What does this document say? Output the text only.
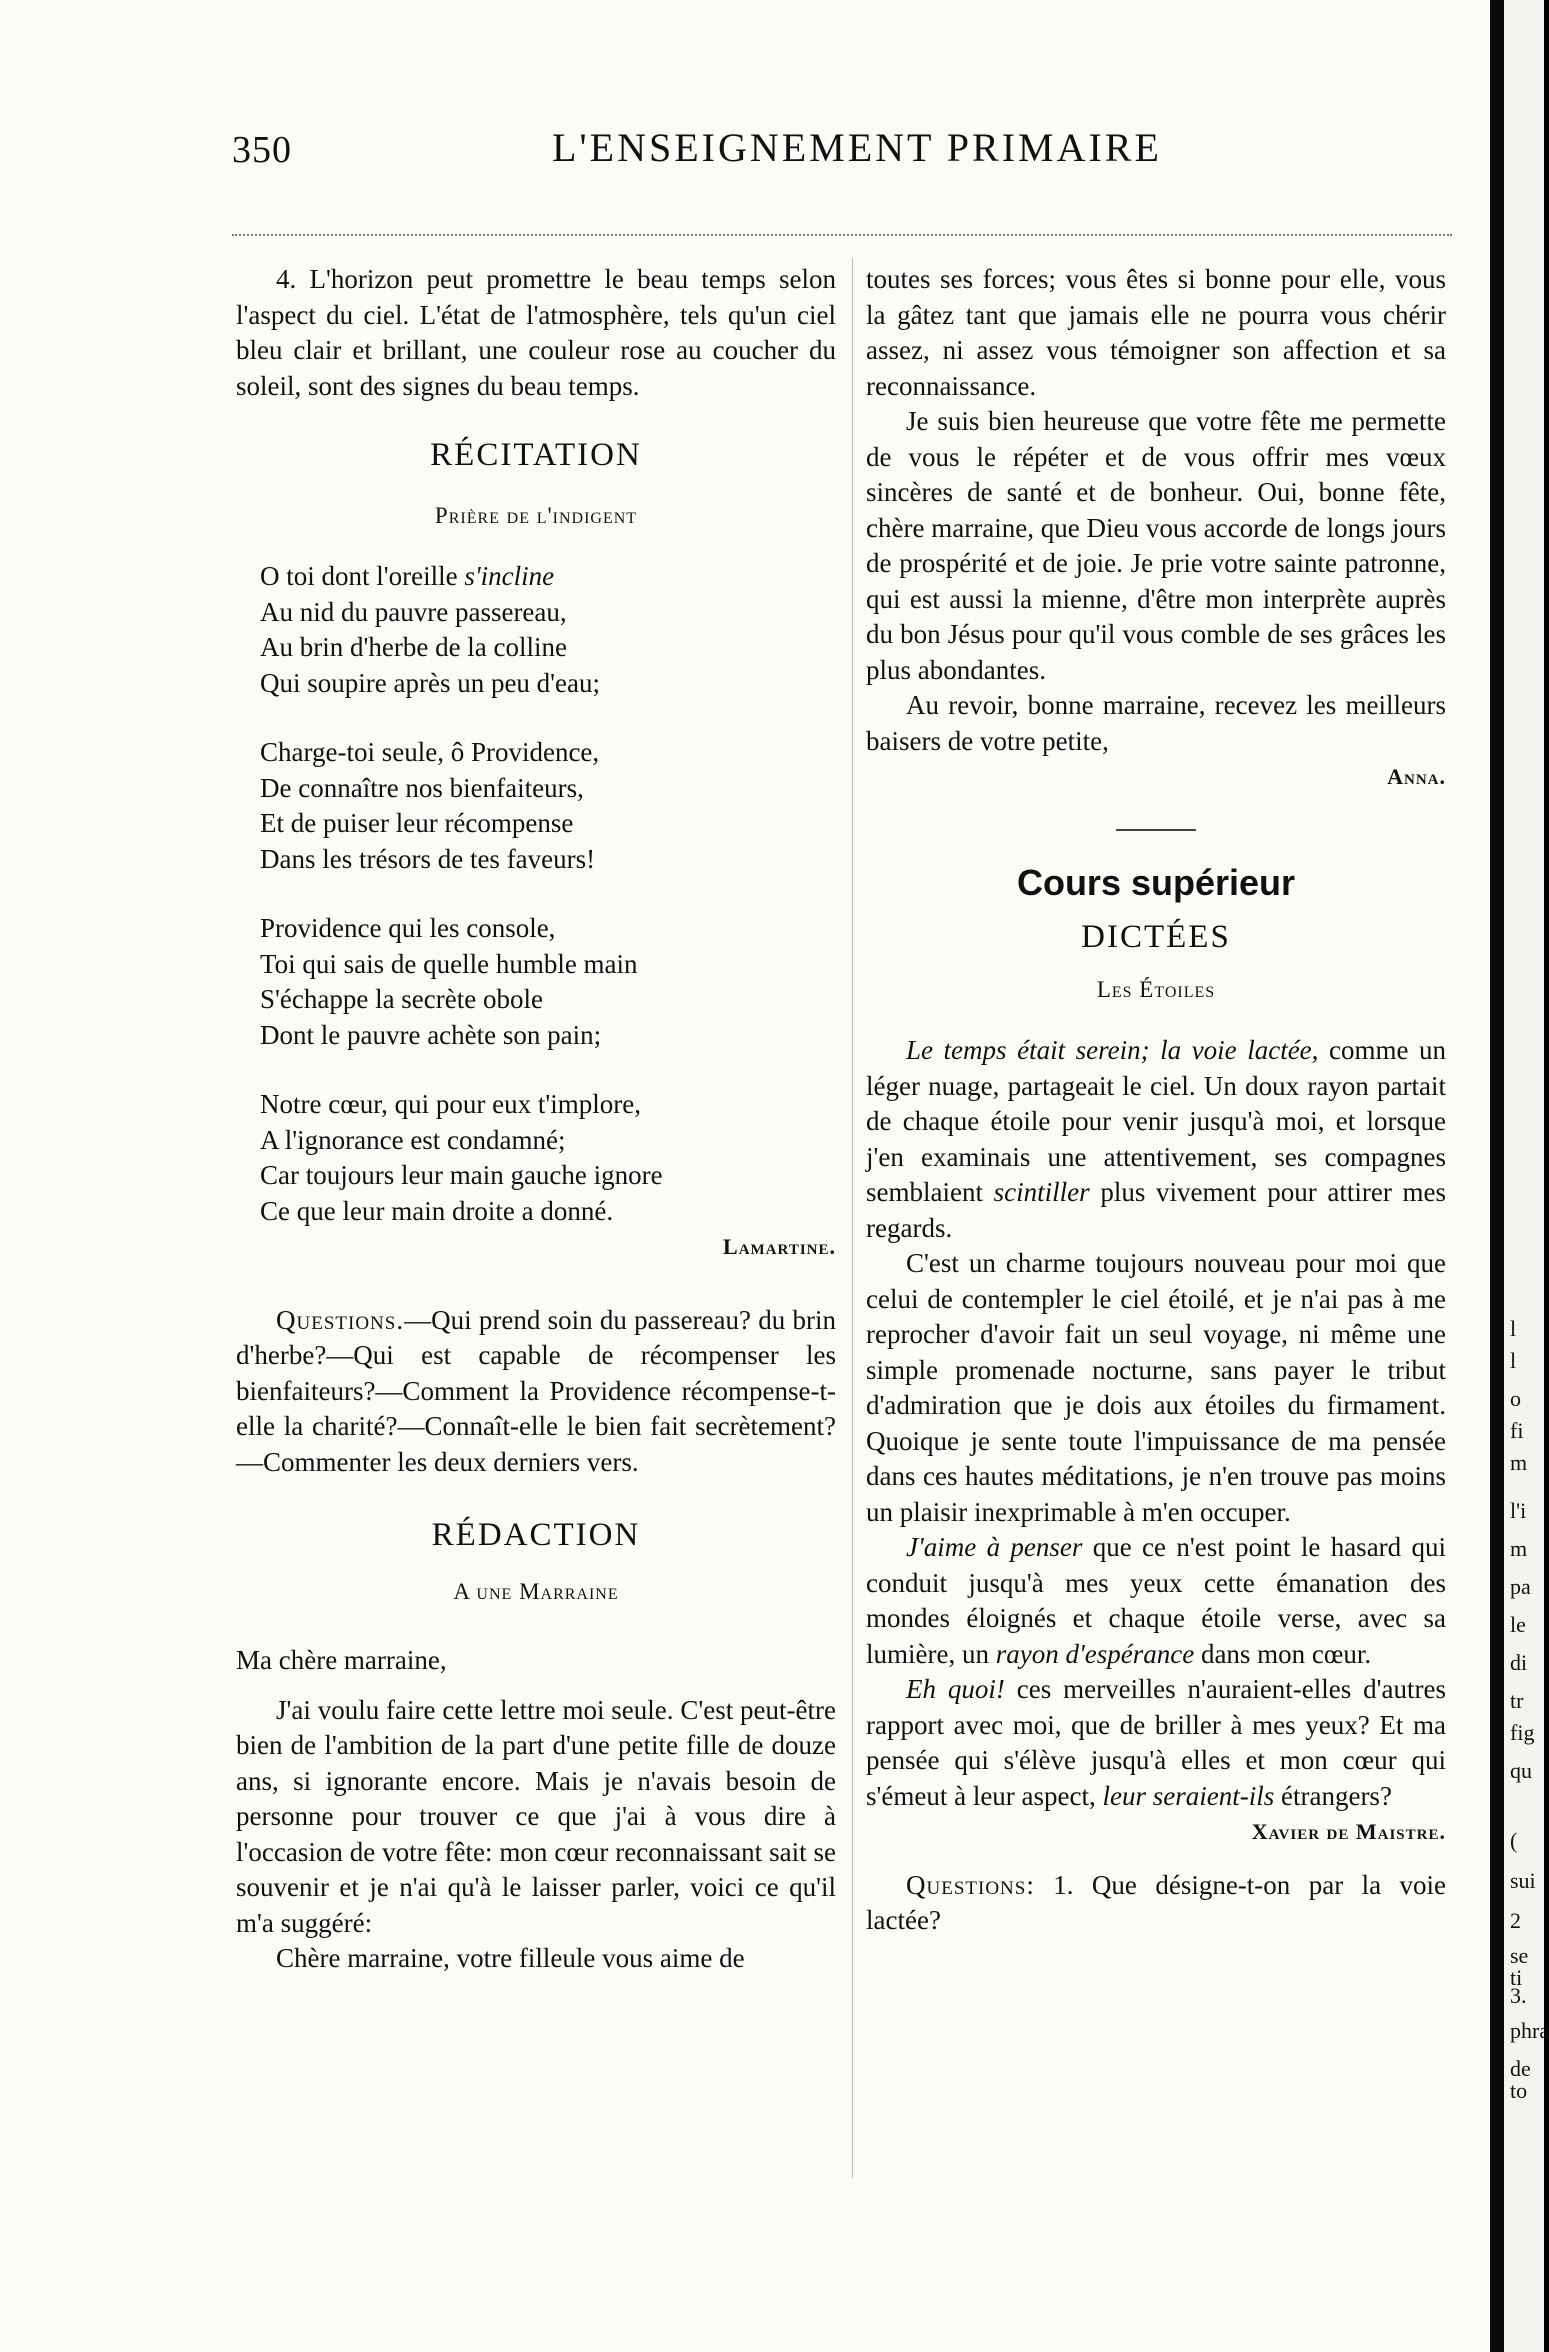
350	L'ENSEIGNEMENT PRIMAIRE

4. L'horizon peut promettre le beau temps selon l'aspect du ciel. L'état de l'atmosphère, tels qu'un ciel bleu clair et brillant, une couleur rose au coucher du soleil, sont des signes du beau temps.

RÉCITATION
Prière de l'indigent
O toi dont l'oreille s'incline
Au nid du pauvre passereau,
Au brin d'herbe de la colline
Qui soupire après un peu d'eau;
Charge-toi seule, ô Providence,
De connaître nos bienfaiteurs,
Et de puiser leur récompense
Dans les trésors de tes faveurs!
Providence qui les console,
Toi qui sais de quelle humble main
S'échappe la secrète obole
Dont le pauvre achète son pain;
Notre cœur, qui pour eux t'implore,
A l'ignorance est condamné;
Car toujours leur main gauche ignore
Ce que leur main droite a donné.
Lamartine.

Questions.—Qui prend soin du passereau? du brin d'herbe?—Qui est capable de récompenser les bienfaiteurs?—Comment la Providence récompense-t-elle la charité?—Connaît-elle le bien fait secrètement?—Commenter les deux derniers vers.

RÉDACTION
A une Marraine

Ma chère marraine,

J'ai voulu faire cette lettre moi seule. C'est peut-être bien de l'ambition de la part d'une petite fille de douze ans, si ignorante encore. Mais je n'avais besoin de personne pour trouver ce que j'ai à vous dire à l'occasion de votre fête: mon cœur reconnaissant sait se souvenir et je n'ai qu'à le laisser parler, voici ce qu'il m'a suggéré:

Chère marraine, votre filleule vous aime de

toutes ses forces; vous êtes si bonne pour elle, vous la gâtez tant que jamais elle ne pourra vous chérir assez, ni assez vous témoigner son affection et sa reconnaissance.

Je suis bien heureuse que votre fête me permette de vous le répéter et de vous offrir mes vœux sincères de santé et de bonheur. Oui, bonne fête, chère marraine, que Dieu vous accorde de longs jours de prospérité et de joie. Je prie votre sainte patronne, qui est aussi la mienne, d'être mon interprète auprès du bon Jésus pour qu'il vous comble de ses grâces les plus abondantes.

Au revoir, bonne marraine, recevez les meilleurs baisers de votre petite,

Anna.
Cours supérieur
DICTÉES
Les Étoiles

Le temps était serein; la voie lactée, comme un léger nuage, partageait le ciel. Un doux rayon partait de chaque étoile pour venir jusqu'à moi, et lorsque j'en examinais une attentivement, ses compagnes semblaient scintiller plus vivement pour attirer mes regards.

C'est un charme toujours nouveau pour moi que celui de contempler le ciel étoilé, et je n'ai pas à me reprocher d'avoir fait un seul voyage, ni même une simple promenade nocturne, sans payer le tribut d'admiration que je dois aux étoiles du firmament. Quoique je sente toute l'impuissance de ma pensée dans ces hautes méditations, je n'en trouve pas moins un plaisir inexprimable à m'en occuper.

J'aime à penser que ce n'est point le hasard qui conduit jusqu'à mes yeux cette émanation des mondes éloignés et chaque étoile verse, avec sa lumière, un rayon d'espérance dans mon cœur.

Eh quoi! ces merveilles n'auraient-elles d'autres rapport avec moi, que de briller à mes yeux? Et ma pensée qui s'élève jusqu'à elles et mon cœur qui s'émeut à leur aspect, leur seraient-ils étrangers?

Xavier de Maistre.

Questions: 1. Que désigne-t-on par la voie lactée?

l
l
o
fi
m
l'i
m
pa
le
di
tr
fig
qu
(
sui
2
se ti
3.
phra
de to
